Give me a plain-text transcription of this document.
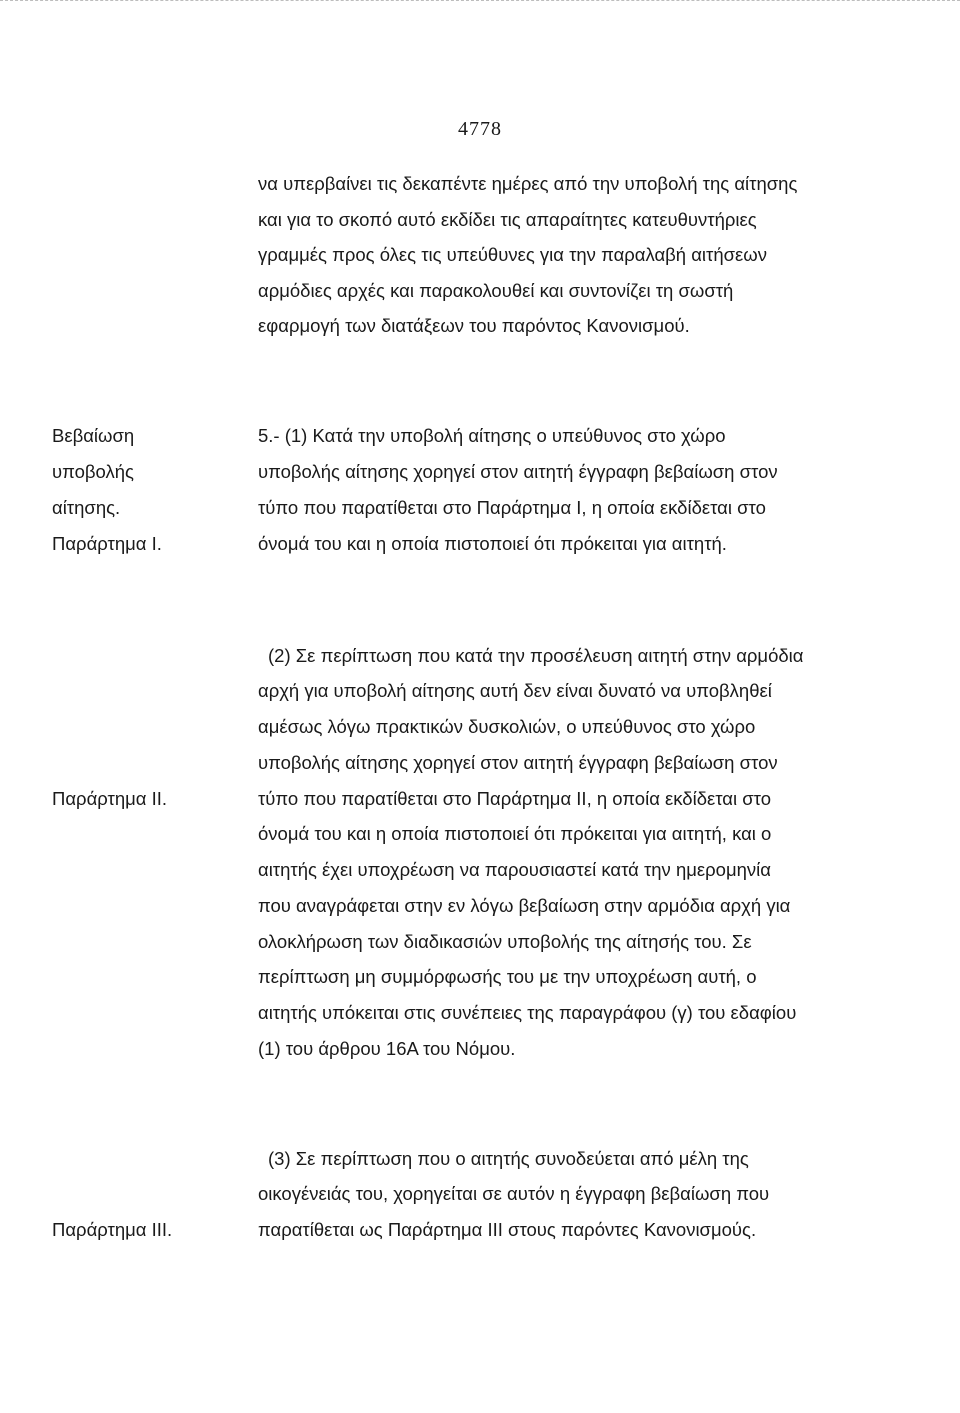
4778
να υπερβαίνει τις δεκαπέντε ημέρες από την υποβολή της αίτησης
και για το σκοπό αυτό εκδίδει τις απαραίτητες κατευθυντήριες
γραμμές προς όλες τις υπεύθυνες για την παραλαβή αιτήσεων
αρμόδιες αρχές και παρακολουθεί και συντονίζει τη σωστή
εφαρμογή των διατάξεων του παρόντος Κανονισμού.
Βεβαίωση
υποβολής
αίτησης.
Παράρτημα Ι.
5.- (1) Κατά την υποβολή αίτησης ο υπεύθυνος στο χώρο
υποβολής αίτησης χορηγεί στον αιτητή έγγραφη βεβαίωση στον
τύπο που παρατίθεται στο Παράρτημα Ι, η οποία εκδίδεται στο
όνομά του και η οποία πιστοποιεί ότι πρόκειται για αιτητή.
Παράρτημα ΙΙ.
(2) Σε περίπτωση που κατά την προσέλευση αιτητή στην αρμόδια
αρχή για υποβολή αίτησης αυτή δεν είναι δυνατό να υποβληθεί
αμέσως λόγω πρακτικών δυσκολιών, ο υπεύθυνος στο χώρο
υποβολής αίτησης χορηγεί στον αιτητή έγγραφη βεβαίωση στον
τύπο που παρατίθεται στο Παράρτημα ΙΙ, η οποία εκδίδεται στο
όνομά του και η οποία πιστοποιεί ότι πρόκειται για αιτητή, και ο
αιτητής έχει υποχρέωση να παρουσιαστεί κατά την ημερομηνία
που αναγράφεται στην εν λόγω βεβαίωση στην αρμόδια αρχή για
ολοκλήρωση των διαδικασιών υποβολής της αίτησής του. Σε
περίπτωση μη συμμόρφωσής του με την υποχρέωση αυτή, ο
αιτητής υπόκειται στις συνέπειες της παραγράφου (γ) του εδαφίου
(1) του άρθρου 16Α του Νόμου.
Παράρτημα ΙΙΙ.
(3) Σε περίπτωση που ο αιτητής συνοδεύεται από μέλη της
οικογένειάς του, χορηγείται σε αυτόν η έγγραφη βεβαίωση που
παρατίθεται ως Παράρτημα ΙΙΙ στους παρόντες Κανονισμούς.
